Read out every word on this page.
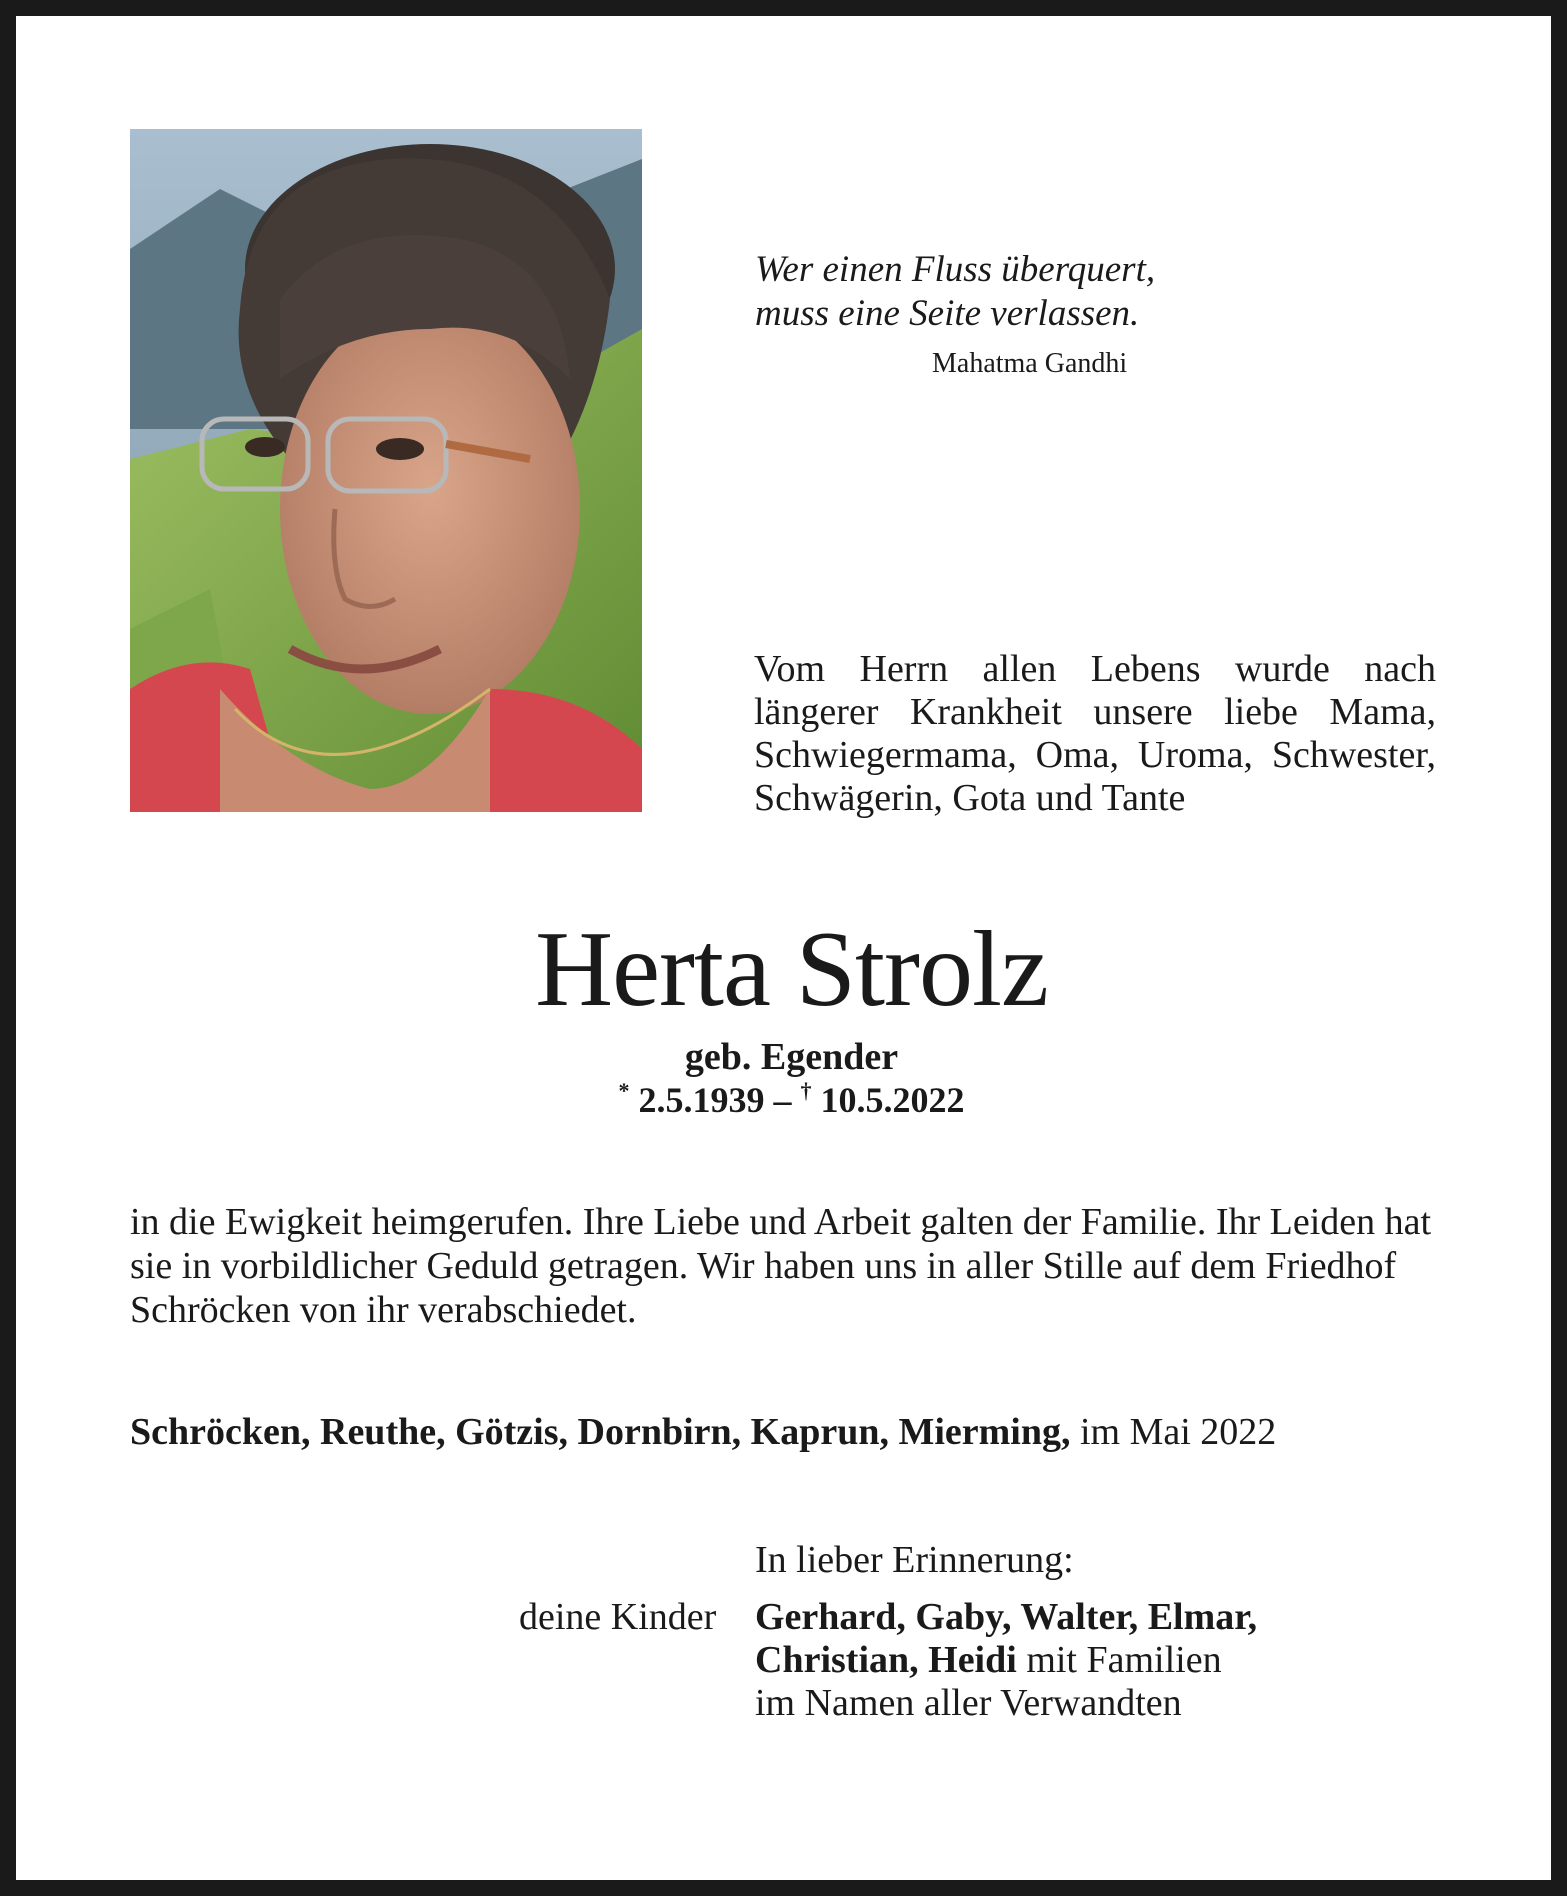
Wer einen Fluss überquert,
muss eine Seite verlassen.
Mahatma Gandhi
Vom Herrn allen Lebens wurde nach längerer Krankheit unsere liebe Mama, Schwiegermama, Oma, Uroma, Schwester, Schwägerin, Gota und Tante
Herta Strolz
geb. Egender
* 2.5.1939 – † 10.5.2022
in die Ewigkeit heimgerufen. Ihre Liebe und Arbeit galten der Familie. Ihr Leiden hat sie in vorbildlicher Geduld getragen. Wir haben uns in aller Stille auf dem Friedhof Schröcken von ihr verabschiedet.
Schröcken, Reuthe, Götzis, Dornbirn, Kaprun, Mierming, im Mai 2022
In lieber Erinnerung:
deine Kinder Gerhard, Gaby, Walter, Elmar,
Christian, Heidi mit Familien
im Namen aller Verwandten
